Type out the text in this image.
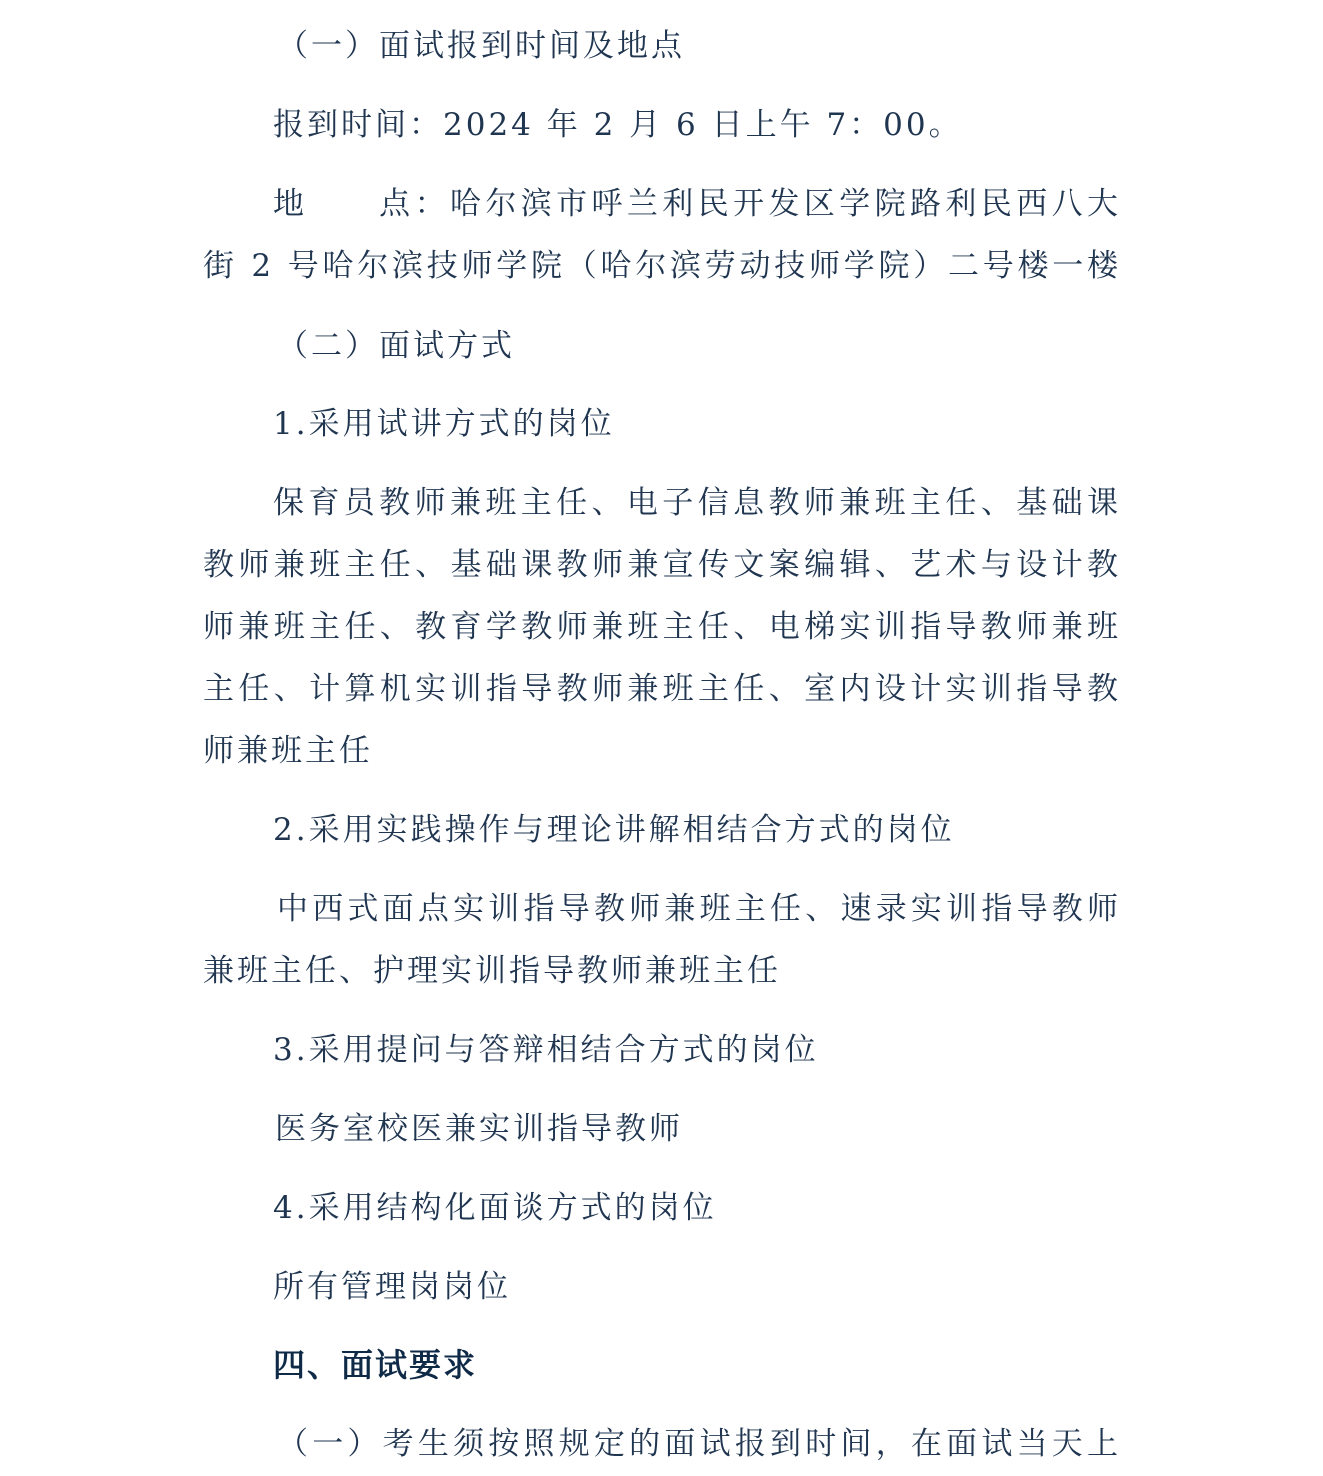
（一）面试报到时间及地点
报到时间：2024 年 2 月 6 日上午 7：00。
地　　点：哈尔滨市呼兰利民开发区学院路利民西八大
街 2 号哈尔滨技师学院（哈尔滨劳动技师学院）二号楼一楼
（二）面试方式
1.采用试讲方式的岗位
保育员教师兼班主任、电子信息教师兼班主任、基础课
教师兼班主任、基础课教师兼宣传文案编辑、艺术与设计教
师兼班主任、教育学教师兼班主任、电梯实训指导教师兼班
主任、计算机实训指导教师兼班主任、室内设计实训指导教
师兼班主任
2.采用实践操作与理论讲解相结合方式的岗位
中西式面点实训指导教师兼班主任、速录实训指导教师
兼班主任、护理实训指导教师兼班主任
3.采用提问与答辩相结合方式的岗位
医务室校医兼实训指导教师
4.采用结构化面谈方式的岗位
所有管理岗岗位
四、面试要求
（一）考生须按照规定的面试报到时间，在面试当天上
